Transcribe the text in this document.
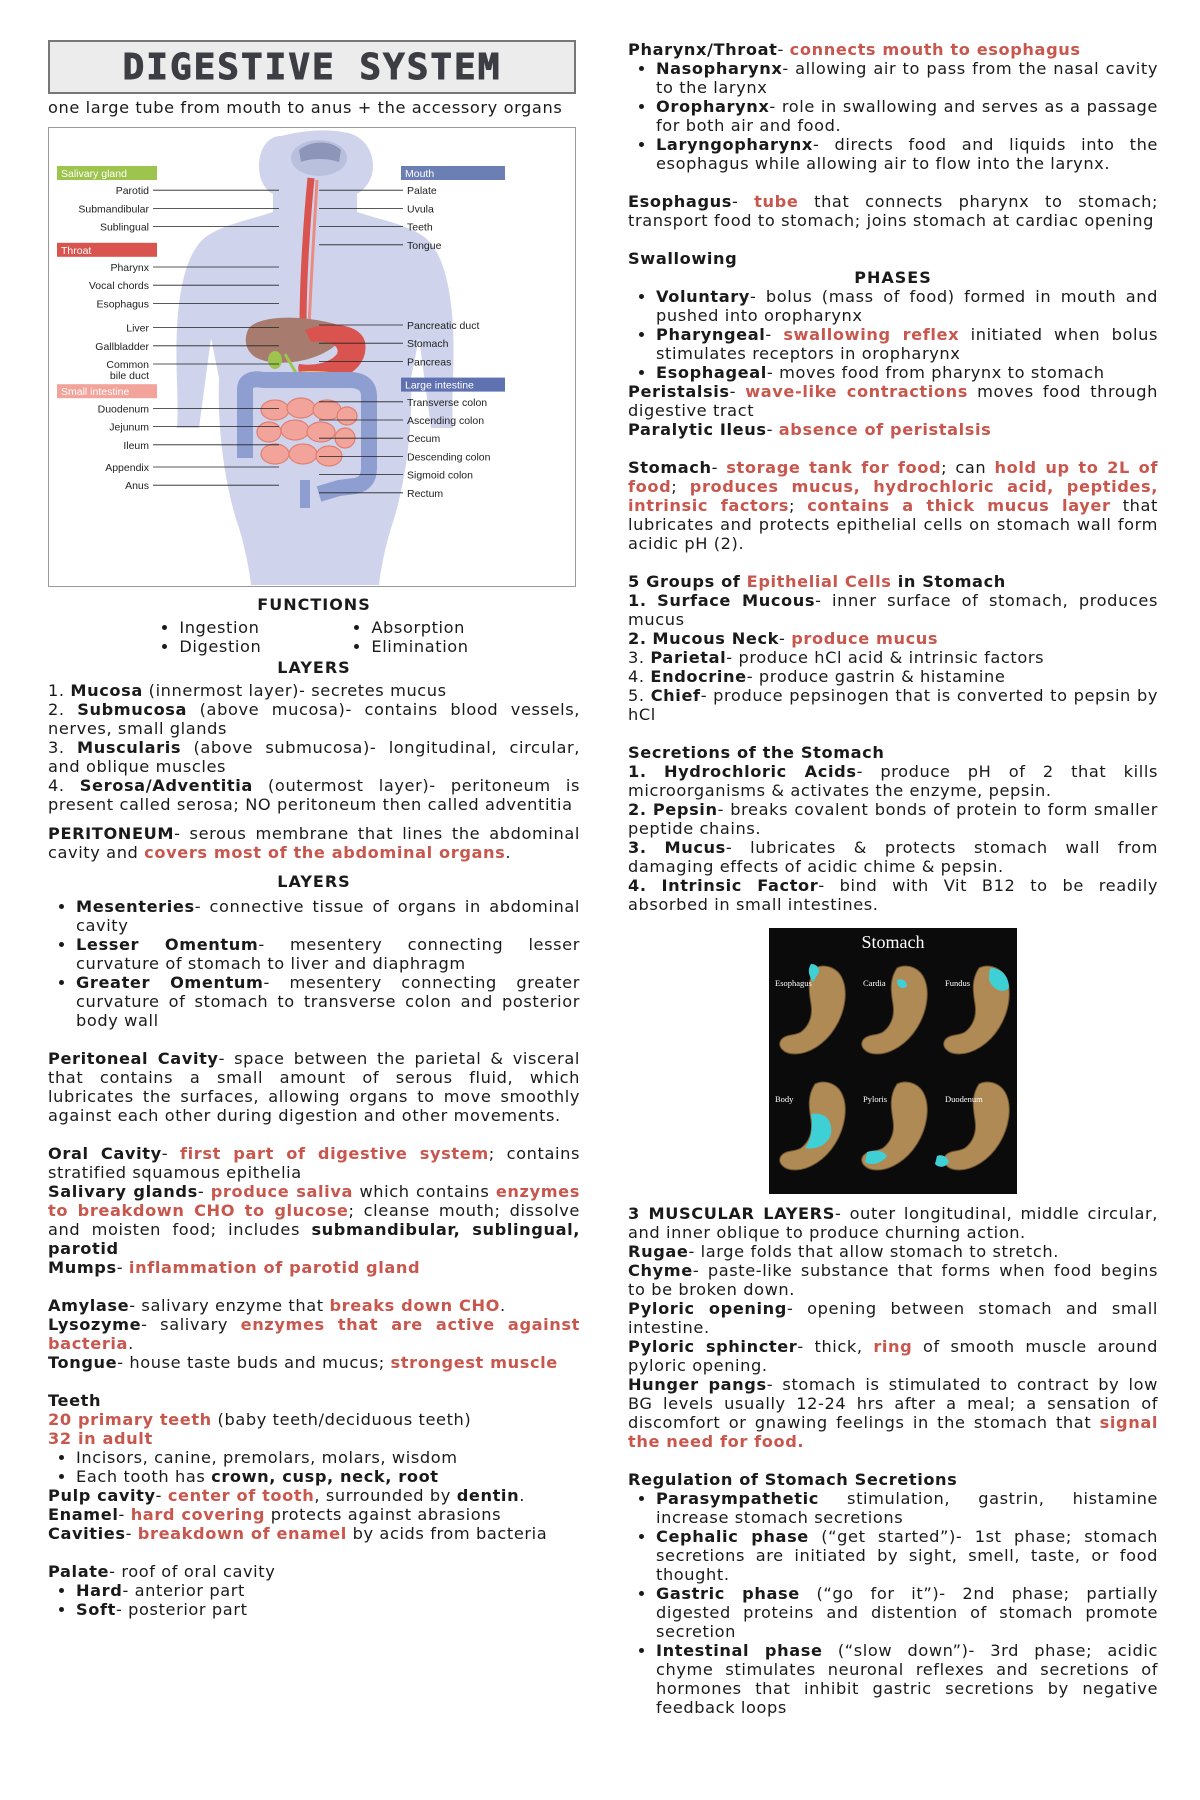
DIGESTIVE SYSTEM

one large tube from mouth to anus + the accessory organs

Salivary gland
Parotid
Submandibular
Sublingual
Throat
Pharynx
Vocal chords
Esophagus
Liver
Gallbladder
Common
bile duct
Small intestine
Duodenum
Jejunum
Ileum
Appendix
Anus
Mouth
Palate
Uvula
Teeth
Tongue
Pancreatic duct
Stomach
Pancreas
Large intestine
Transverse colon
Ascending colon
Cecum
Descending colon
Sigmoid colon
Rectum

FUNCTIONS

• Ingestion
• Digestion
• Absorption
• Elimination

LAYERS

1. Mucosa (innermost layer)- secretes mucus

2. Submucosa (above mucosa)- contains blood vessels, nerves, small glands

3. Muscularis (above submucosa)- longitudinal, circular, and oblique muscles

4. Serosa/Adventitia (outermost layer)- peritoneum is present called serosa; NO peritoneum then called adventitia

PERITONEUM- serous membrane that lines the abdominal cavity and covers most of the abdominal organs.

LAYERS

• Mesenteries- connective tissue of organs in abdominal cavity
• Lesser Omentum- mesentery connecting lesser curvature of stomach to liver and diaphragm
• Greater Omentum- mesentery connecting greater curvature of stomach to transverse colon and posterior body wall

Peritoneal Cavity- space between the parietal & visceral that contains a small amount of serous fluid, which lubricates the surfaces, allowing organs to move smoothly against each other during digestion and other movements.

Oral Cavity- first part of digestive system; contains stratified squamous epithelia

Salivary glands- produce saliva which contains enzymes to breakdown CHO to glucose; cleanse mouth; dissolve and moisten food; includes submandibular, sublingual, parotid

Mumps- inflammation of parotid gland

Amylase- salivary enzyme that breaks down CHO.

Lysozyme- salivary enzymes that are active against bacteria.

Tongue- house taste buds and mucus; strongest muscle

Teeth

20 primary teeth (baby teeth/deciduous teeth)

32 in adult

• Incisors, canine, premolars, molars, wisdom
• Each tooth has crown, cusp, neck, root

Pulp cavity- center of tooth, surrounded by dentin.

Enamel- hard covering protects against abrasions

Cavities- breakdown of enamel by acids from bacteria

Palate- roof of oral cavity

• Hard- anterior part
• Soft- posterior part

Pharynx/Throat- connects mouth to esophagus

• Nasopharynx- allowing air to pass from the nasal cavity to the larynx
• Oropharynx- role in swallowing and serves as a passage for both air and food.
• Laryngopharynx- directs food and liquids into the esophagus while allowing air to flow into the larynx.

Esophagus- tube that connects pharynx to stomach; transport food to stomach; joins stomach at cardiac opening

Swallowing

PHASES

• Voluntary- bolus (mass of food) formed in mouth and pushed into oropharynx
• Pharyngeal- swallowing reflex initiated when bolus stimulates receptors in oropharynx
• Esophageal- moves food from pharynx to stomach

Peristalsis- wave-like contractions moves food through digestive tract

Paralytic Ileus- absence of peristalsis

Stomach- storage tank for food; can hold up to 2L of food; produces mucus, hydrochloric acid, peptides, intrinsic factors; contains a thick mucus layer that lubricates and protects epithelial cells on stomach wall form acidic pH (2).

5 Groups of Epithelial Cells in Stomach

1. Surface Mucous- inner surface of stomach, produces mucus

2. Mucous Neck- produce mucus

3. Parietal- produce hCl acid & intrinsic factors

4. Endocrine- produce gastrin & histamine

5. Chief- produce pepsinogen that is converted to pepsin by hCl

Secretions of the Stomach

1. Hydrochloric Acids- produce pH of 2 that kills microorganisms & activates the enzyme, pepsin.

2. Pepsin- breaks covalent bonds of protein to form smaller peptide chains.

3. Mucus- lubricates & protects stomach wall from damaging effects of acidic chime & pepsin.

4. Intrinsic Factor- bind with Vit B12 to be readily absorbed in small intestines.

Stomach
Esophagus	Cardia	Fundus
Body	Pyloris	Duodenum

3 MUSCULAR LAYERS- outer longitudinal, middle circular, and inner oblique to produce churning action.

Rugae- large folds that allow stomach to stretch.

Chyme- paste-like substance that forms when food begins to be broken down.

Pyloric opening- opening between stomach and small intestine.

Pyloric sphincter- thick, ring of smooth muscle around pyloric opening.

Hunger pangs- stomach is stimulated to contract by low BG levels usually 12-24 hrs after a meal; a sensation of discomfort or gnawing feelings in the stomach that signal the need for food.

Regulation of Stomach Secretions

• Parasympathetic stimulation, gastrin, histamine increase stomach secretions
• Cephalic phase (“get started”)- 1st phase; stomach secretions are initiated by sight, smell, taste, or food thought.
• Gastric phase (“go for it”)- 2nd phase; partially digested proteins and distention of stomach promote secretion
• Intestinal phase (“slow down”)- 3rd phase; acidic chyme stimulates neuronal reflexes and secretions of hormones that inhibit gastric secretions by negative feedback loops
